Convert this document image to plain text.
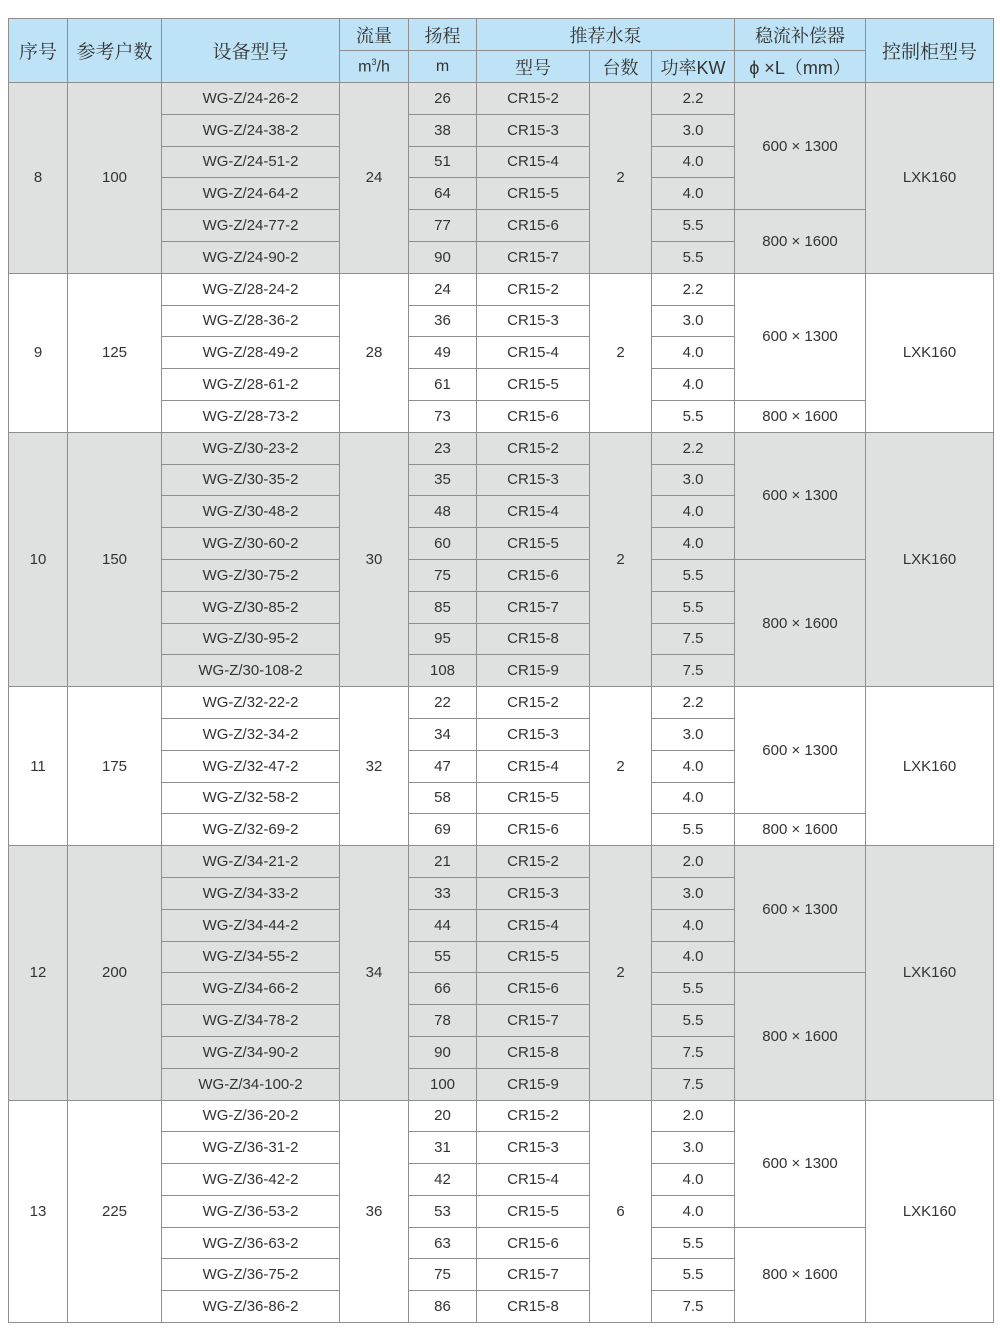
序号	参考户数	设备型号	流量	扬程	推荐水泵			稳流补偿器	控制柜型号
			$m^3/h$	m	型号	台数	功率KW	ϕ ×L（mm）	
8	100	WG-Z/24-26-2	24	26	CR15-2	2	2.2	600 × 1300	LXK160
		WG-Z/24-38-2		38	CR15-3		3.0		
		WG-Z/24-51-2		51	CR15-4		4.0		
		WG-Z/24-64-2		64	CR15-5		4.0		
		WG-Z/24-77-2		77	CR15-6		5.5	800 × 1600	
		WG-Z/24-90-2		90	CR15-7		5.5		
9	125	WG-Z/28-24-2	28	24	CR15-2	2	2.2	600 × 1300	LXK160
		WG-Z/28-36-2		36	CR15-3		3.0		
		WG-Z/28-49-2		49	CR15-4		4.0		
		WG-Z/28-61-2		61	CR15-5		4.0		
		WG-Z/28-73-2		73	CR15-6		5.5	800 × 1600	
10	150	WG-Z/30-23-2	30	23	CR15-2	2	2.2	600 × 1300	LXK160
		WG-Z/30-35-2		35	CR15-3		3.0		
		WG-Z/30-48-2		48	CR15-4		4.0		
		WG-Z/30-60-2		60	CR15-5		4.0		
		WG-Z/30-75-2		75	CR15-6		5.5	800 × 1600	
		WG-Z/30-85-2		85	CR15-7		5.5		
		WG-Z/30-95-2		95	CR15-8		7.5		
		WG-Z/30-108-2		108	CR15-9		7.5		
11	175	WG-Z/32-22-2	32	22	CR15-2	2	2.2	600 × 1300	LXK160
		WG-Z/32-34-2		34	CR15-3		3.0		
		WG-Z/32-47-2		47	CR15-4		4.0		
		WG-Z/32-58-2		58	CR15-5		4.0		
		WG-Z/32-69-2		69	CR15-6		5.5	800 × 1600	
12	200	WG-Z/34-21-2	34	21	CR15-2	2	2.0	600 × 1300	LXK160
		WG-Z/34-33-2		33	CR15-3		3.0		
		WG-Z/34-44-2		44	CR15-4		4.0		
		WG-Z/34-55-2		55	CR15-5		4.0		
		WG-Z/34-66-2		66	CR15-6		5.5	800 × 1600	
		WG-Z/34-78-2		78	CR15-7		5.5		
		WG-Z/34-90-2		90	CR15-8		7.5		
		WG-Z/34-100-2		100	CR15-9		7.5		
13	225	WG-Z/36-20-2	36	20	CR15-2	6	2.0	600 × 1300	LXK160
		WG-Z/36-31-2		31	CR15-3		3.0		
		WG-Z/36-42-2		42	CR15-4		4.0		
		WG-Z/36-53-2		53	CR15-5		4.0		
		WG-Z/36-63-2		63	CR15-6		5.5	800 × 1600	
		WG-Z/36-75-2		75	CR15-7		5.5		
		WG-Z/36-86-2		86	CR15-8		7.5		
